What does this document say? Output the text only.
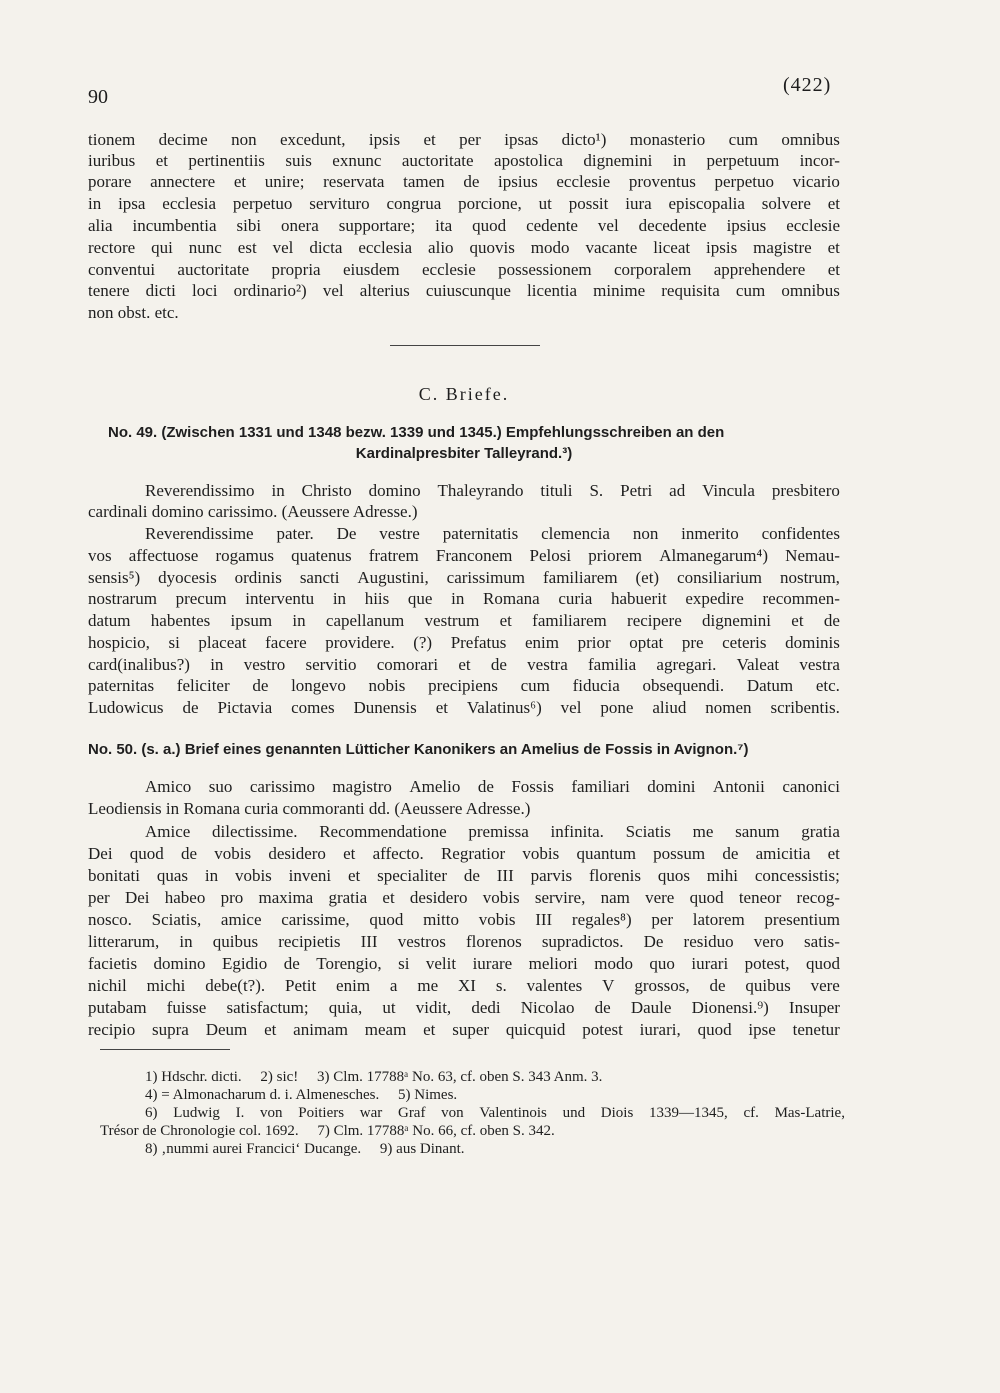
90
(422)
tionem decime non excedunt, ipsis et per ipsas dicto¹) monasterio cum omnibus
iuribus et pertinentiis suis exnunc auctoritate apostolica dignemini in perpetuum incor-
porare annectere et unire; reservata tamen de ipsius ecclesie proventus perpetuo vicario
in ipsa ecclesia perpetuo servituro congrua porcione, ut possit iura episcopalia solvere et
alia incumbentia sibi onera supportare; ita quod cedente vel decedente ipsius ecclesie
rectore qui nunc est vel dicta ecclesia alio quovis modo vacante liceat ipsis magistre et
conventui auctoritate propria eiusdem ecclesie possessionem corporalem apprehendere et
tenere dicti loci ordinario²) vel alterius cuiuscunque licentia minime requisita cum omnibus
non obst. etc.
C. Briefe.
No. 49. (Zwischen 1331 und 1348 bezw. 1339 und 1345.) Empfehlungsschreiben an den
Kardinalpresbiter Talleyrand.³)
Reverendissimo in Christo domino Thaleyrando tituli S. Petri ad Vincula presbitero
cardinali domino carissimo. (Aeussere Adresse.)
Reverendissime pater. De vestre paternitatis clemencia non inmerito confidentes
vos affectuose rogamus quatenus fratrem Franconem Pelosi priorem Almanegarum⁴) Nemau-
sensis⁵) dyocesis ordinis sancti Augustini, carissimum familiarem (et) consiliarium nostrum,
nostrarum precum interventu in hiis que in Romana curia habuerit expedire recommen-
datum habentes ipsum in capellanum vestrum et familiarem recipere dignemini et de
hospicio, si placeat facere providere. (?) Prefatus enim prior optat pre ceteris dominis
card(inalibus?) in vestro servitio comorari et de vestra familia agregari. Valeat vestra
paternitas feliciter de longevo nobis precipiens cum fiducia obsequendi. Datum etc.
Ludowicus de Pictavia comes Dunensis et Valatinus⁶) vel pone aliud nomen scribentis.
No. 50. (s. a.) Brief eines genannten Lütticher Kanonikers an Amelius de Fossis in Avignon.⁷)
Amico suo carissimo magistro Amelio de Fossis familiari domini Antonii canonici
Leodiensis in Romana curia commoranti dd. (Aeussere Adresse.)
Amice dilectissime. Recommendatione premissa infinita. Sciatis me sanum gratia
Dei quod de vobis desidero et affecto. Regratior vobis quantum possum de amicitia et
bonitati quas in vobis inveni et specialiter de III parvis florenis quos mihi concessistis;
per Dei habeo pro maxima gratia et desidero vobis servire, nam vere quod teneor recog-
nosco. Sciatis, amice carissime, quod mitto vobis III regales⁸) per latorem presentium
litterarum, in quibus recipietis III vestros florenos supradictos. De residuo vero satis-
facietis domino Egidio de Torengio, si velit iurare meliori modo quo iurari potest, quod
nichil michi debe(t?). Petit enim a me XI s. valentes V grossos, de quibus vere
putabam fuisse satisfactum; quia, ut vidit, dedi Nicolao de Daule Dionensi.⁹) Insuper
recipio supra Deum et animam meam et super quicquid potest iurari, quod ipse tenetur
1) Hdschr. dicti.     2) sic!     3) Clm. 17788ᵃ No. 63, cf. oben S. 343 Anm. 3.
4) = Almonacharum d. i. Almenesches.     5) Nimes.
6) Ludwig I. von Poitiers war Graf von Valentinois und Diois 1339—1345, cf. Mas-Latrie,
Trésor de Chronologie col. 1692.     7) Clm. 17788ᵃ No. 66, cf. oben S. 342.
8) ‚nummi aurei Francici‘ Ducange.     9) aus Dinant.
